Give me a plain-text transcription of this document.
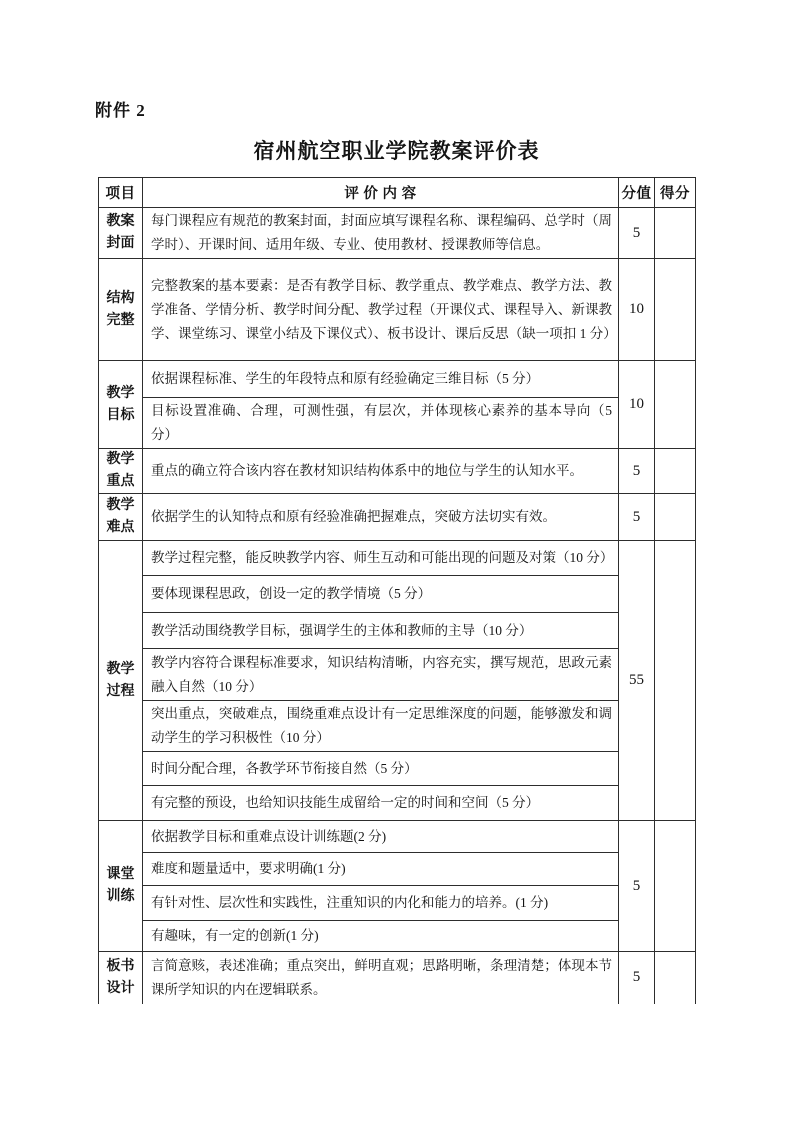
附件 2
宿州航空职业学院教案评价表
项目	评 价 内 容	分值	得分
教案封面	每门课程应有规范的教案封面，封面应填写课程名称、课程编码、总学时（周学时）、开课时间、适用年级、专业、使用教材、授课教师等信息。	5	
结构完整	完整教案的基本要素：是否有教学目标、教学重点、教学难点、教学方法、教学准备、学情分析、教学时间分配、教学过程（开课仪式、课程导入、新课教学、课堂练习、课堂小结及下课仪式）、板书设计、课后反思（缺一项扣 1 分）	10	
教学目标	依据课程标准、学生的年段特点和原有经验确定三维目标（5 分）	10	
	目标设置准确、合理，可测性强，有层次，并体现核心素养的基本导向（5 分）		
教学重点	重点的确立符合该内容在教材知识结构体系中的地位与学生的认知水平。	5	
教学难点	依据学生的认知特点和原有经验准确把握难点，突破方法切实有效。	5	
教学过程	教学过程完整，能反映教学内容、师生互动和可能出现的问题及对策（10 分）	55	
	要体现课程思政，创设一定的教学情境（5 分）		
	教学活动围绕教学目标，强调学生的主体和教师的主导（10 分）		
	教学内容符合课程标准要求，知识结构清晰，内容充实，撰写规范，思政元素融入自然（10 分）		
	突出重点，突破难点，围绕重难点设计有一定思维深度的问题，能够激发和调动学生的学习积极性（10 分）		
	时间分配合理，各教学环节衔接自然（5 分）		
	有完整的预设，也给知识技能生成留给一定的时间和空间（5 分）		
课堂训练	依据教学目标和重难点设计训练题(2 分)	5	
	难度和题量适中，要求明确(1 分)		
	有针对性、层次性和实践性，注重知识的内化和能力的培养。(1 分)		
	有趣味，有一定的创新(1 分)		
板书设计	言简意赅，表述准确；重点突出，鲜明直观；思路明晰，条理清楚；体现本节课所学知识的内在逻辑联系。	5	
